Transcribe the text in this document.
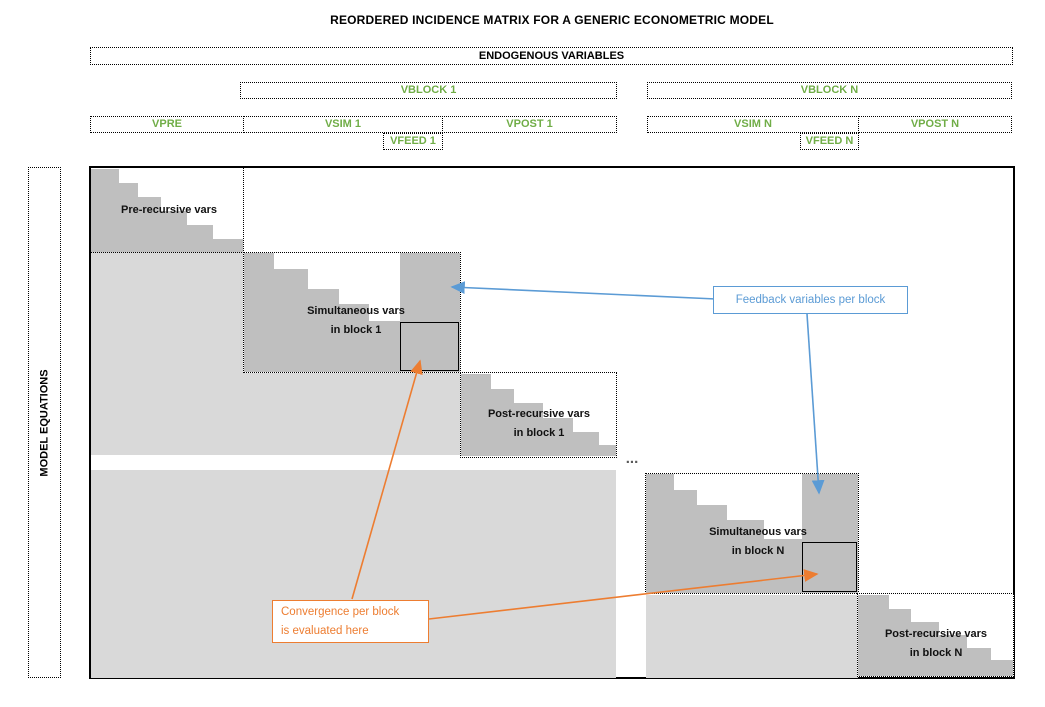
REORDERED INCIDENCE MATRIX FOR A GENERIC ECONOMETRIC MODEL
ENDOGENOUS VARIABLES
VBLOCK 1	VBLOCK N
VPRE	VSIM 1	VPOST 1	VSIM N	VPOST N
VFEED 1	VFEED N
MODEL EQUATIONS
Pre-recursive vars
Simultaneous vars
in block 1
Post-recursive vars
in block 1
...
Simultaneous vars
in block N
Post-recursive vars
in block N
Feedback variables per block
Convergence per block
is evaluated here
